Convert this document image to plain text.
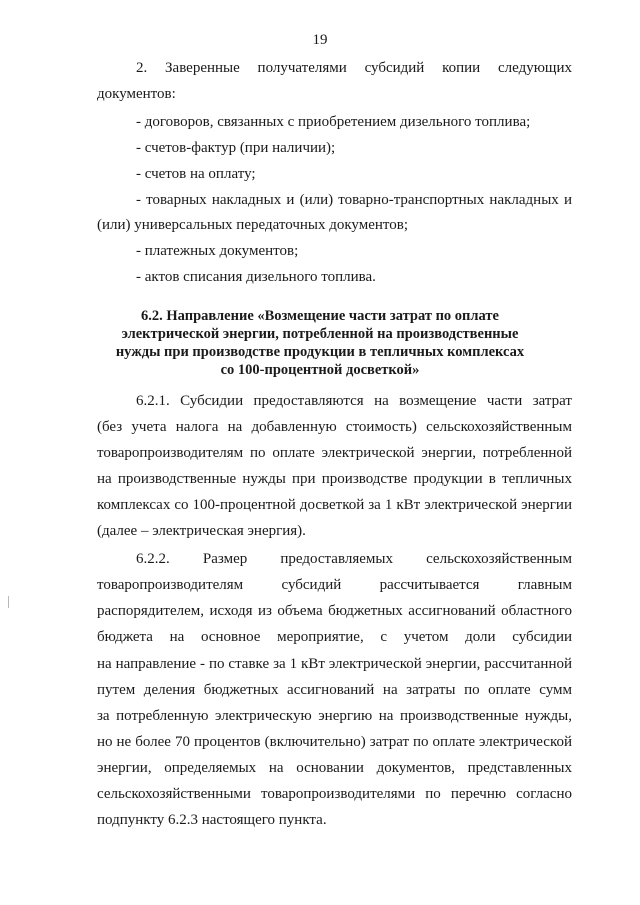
19
2. Заверенные получателями субсидий копии следующих
документов:
- договоров, связанных с приобретением дизельного топлива;
- счетов-фактур (при наличии);
- счетов на оплату;
- товарных накладных и (или) товарно-транспортных накладных и
(или) универсальных передаточных документов;
- платежных документов;
- актов списания дизельного топлива.
6.2. Направление «Возмещение части затрат по оплате
электрической энергии, потребленной на производственные
нужды при производстве продукции в тепличных комплексах
со 100-процентной досветкой»
6.2.1. Субсидии предоставляются на возмещение части затрат
(без учета налога на добавленную стоимость) сельскохозяйственным
товаропроизводителям по оплате электрической энергии, потребленной
на производственные нужды при производстве продукции в тепличных
комплексах со 100-процентной досветкой за 1 кВт электрической энергии
(далее – электрическая энергия).
6.2.2. Размер предоставляемых сельскохозяйственным
товаропроизводителям субсидий рассчитывается главным
распорядителем, исходя из объема бюджетных ассигнований областного
бюджета на основное мероприятие, с учетом доли субсидии
на направление - по ставке за 1 кВт электрической энергии, рассчитанной
путем деления бюджетных ассигнований на затраты по оплате сумм
за потребленную электрическую энергию на производственные нужды,
но не более 70 процентов (включительно) затрат по оплате электрической
энергии, определяемых на основании документов, представленных
сельскохозяйственными товаропроизводителями по перечню согласно
подпункту 6.2.3 настоящего пункта.
